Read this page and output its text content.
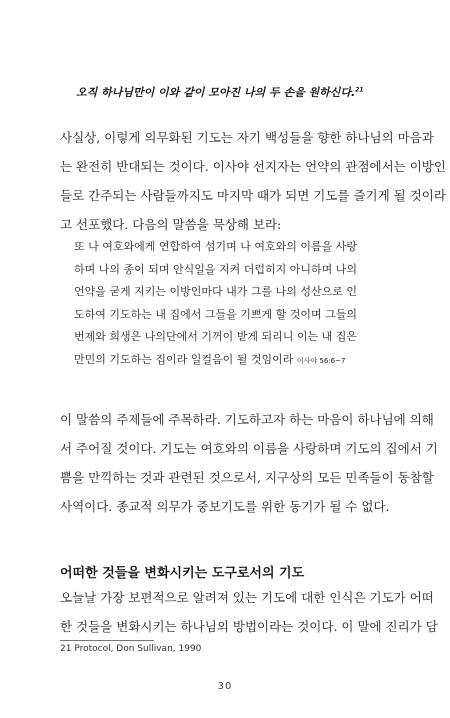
오직 하나님만이 이와 같이 모아진 나의 두 손을 원하신다.$^{21}$

사실상, 이렇게 의무화된 기도는 자기 백성들을 향한 하나님의 마음과
는 완전히 반대되는 것이다. 이사야 선지자는 언약의 관점에서는 이방인
들로 간주되는 사람들까지도 마지막 때가 되면 기도를 즐기게 될 것이라
고 선포했다. 다음의 말씀을 묵상해 보라:

또 나 여호와에게 연합하여 섬기며 나 여호와의 이름을 사랑
하며 나의 종이 되며 안식일을 지켜 더럽히지 아니하며 나의
언약을 굳게 지키는 이방인마다 내가 그를 나의 성산으로 인
도하여 기도하는 내 집에서 그들을 기쁘게 할 것이며 그들의
번제와 희생은 나의단에서 기꺼이 받게 되리니 이는 내 집은
만민의 기도하는 집이라 일컬음이 될 것임이라 이사야 56:6~7

이 말씀의 주제들에 주목하라. 기도하고자 하는 마음이 하나님에 의해
서 주어질 것이다. 기도는 여호와의 이름을 사랑하며 기도의 집에서 기
쁨을 만끽하는 것과 관련된 것으로서, 지구상의 모든 민족들이 동참할
사역이다. 종교적 의무가 중보기도를 위한 동기가 될 수 없다.

어떠한 것들을 변화시키는 도구로서의 기도

오늘날 가장 보편적으로 알려져 있는 기도에 대한 인식은 기도가 어떠
한 것들을 변화시키는 하나님의 방법이라는 것이다. 이 말에 진리가 담

21 Protocol, Don Sullivan, 1990
30
